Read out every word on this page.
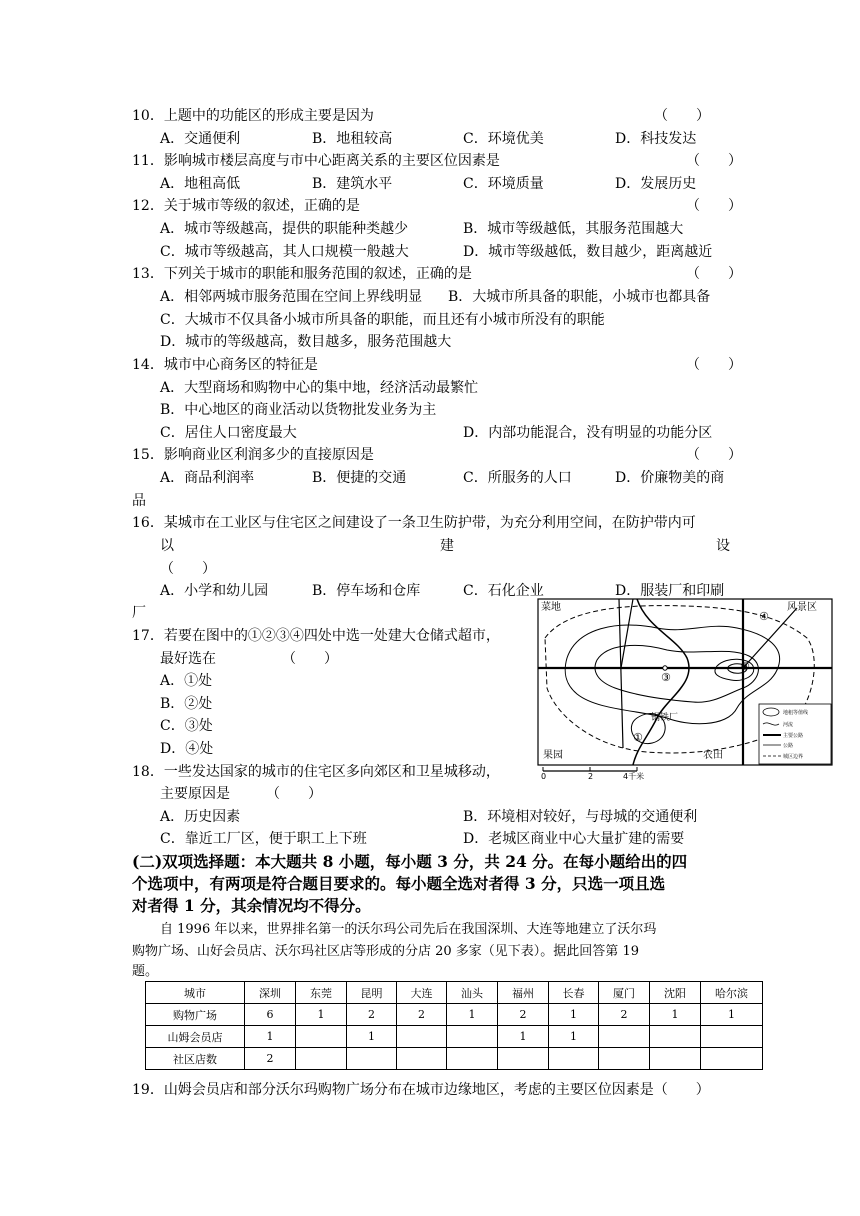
10．上题中的功能区的形成主要是因为	（　　）
A．交通便利	B．地租较高	C．环境优美	D．科技发达
11．影响城市楼层高度与市中心距离关系的主要区位因素是	（　　）
A．地租高低	B．建筑水平	C．环境质量	D．发展历史
12．关于城市等级的叙述，正确的是	（　　）
A．城市等级越高，提供的职能种类越少	B．城市等级越低，其服务范围越大
C．城市等级越高，其人口规模一般越大	D．城市等级越低，数目越少，距离越近
13．下列关于城市的职能和服务范围的叙述，正确的是	（　　）
A．相邻两城市服务范围在空间上界线明显 B．大城市所具备的职能，小城市也都具备
C．大城市不仅具备小城市所具备的职能，而且还有小城市所没有的职能
D．城市的等级越高，数目越多，服务范围越大
14．城市中心商务区的特征是	（　　）
A．大型商场和购物中心的集中地，经济活动最繁忙
B．中心地区的商业活动以货物批发业务为主
C．居住人口密度最大	D．内部功能混合，没有明显的功能分区
15．影响商业区利润多少的直接原因是	（　　）
A．商品利润率	B．便捷的交通	C．所服务的人口	D．价廉物美的商
品
16．某城市在工业区与住宅区之间建设了一条卫生防护带，为充分利用空间，在防护带内可
以	建	设
（　　）
A．小学和幼儿园	B．停车场和仓库	C．石化企业	D．服装厂和印刷
厂
17．若要在图中的①②③④四处中选一处建大仓储式超市，
最好选在	（　　）
A．①处
B．②处
C．③处
D．④处
18．一些发达国家的城市的住宅区多向郊区和卫星城移动，
主要原因是	（　　）
A．历史因素	B．环境相对较好，与母城的交通便利
C．靠近工厂区，便于职工上下班	D．老城区商业中心大量扩建的需要
(二)双项选择题：本大题共 8 小题，每小题 3 分，共 24 分。在每小题给出的四
个选项中，有两项是符合题目要求的。每小题全选对者得 3 分，只选一项且选
对者得 1 分，其余情况均不得分。
自 1996 年以来，世界排名第一的沃尔玛公司先后在我国深圳、大连等地建立了沃尔玛
购物广场、山好会员店、沃尔玛社区店等形成的分店 20 多家（见下表）。据此回答第 19
题。
城市	深圳	东莞	昆明	大连	汕头	福州	长春	厦门	沈阳	哈尔滨
购物广场	6	1	2	2	1	2	1	2	1	1
山姆会员店	1		1			1	1			
社区店数	2									
19．山姆会员店和部分沃尔玛购物广场分布在城市边缘地区，考虑的主要区位因素是（　　）
菜地	风景区
钢铁厂
果园	农田
①
②
③
④
地租等值线
河流
主要公路
公路
城区边界
0	2	4千米
